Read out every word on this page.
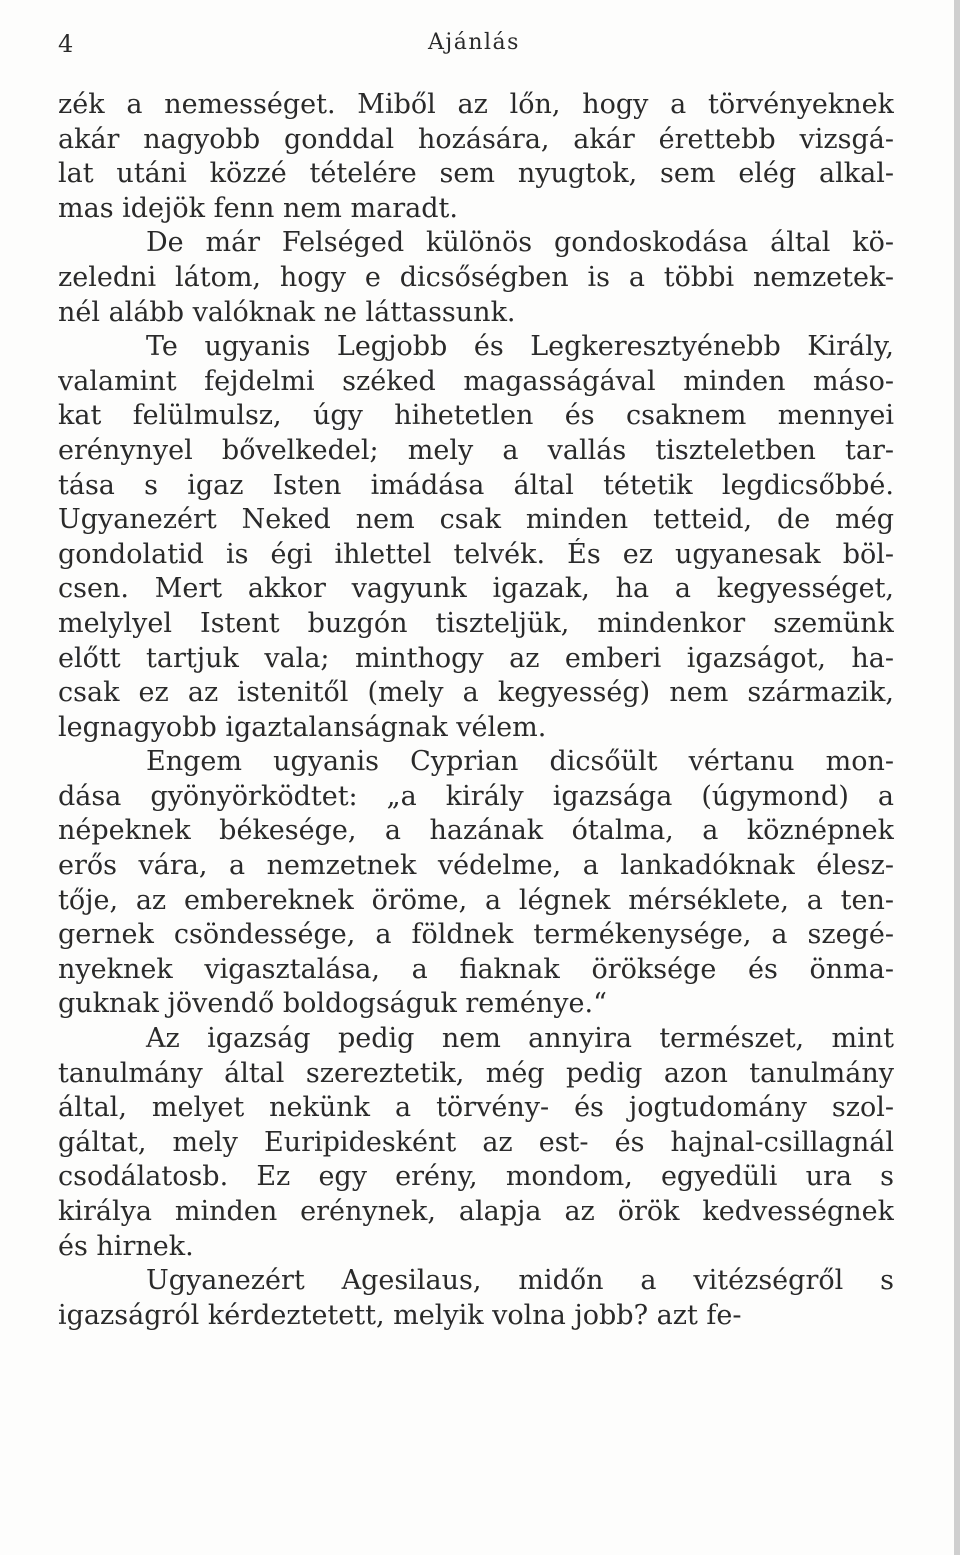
4	Ajánlás
zék a nemességet. Miből az lőn, hogy a törvényeknek
akár nagyobb gonddal hozására, akár érettebb vizsgá-
lat utáni közzé tételére sem nyugtok, sem elég alkal-
mas idejök fenn nem maradt.
De már Felséged különös gondoskodása által kö-
zeledni látom, hogy e dicsőségben is a többi nemzetek-
nél alább valóknak ne láttassunk.
Te ugyanis Legjobb és Legkeresztyénebb Király,
valamint fejdelmi széked magasságával minden máso-
kat felülmulsz, úgy hihetetlen és csaknem mennyei
erénynyel bővelkedel; mely a vallás tiszteletben tar-
tása s igaz Isten imádása által tétetik legdicsőbbé.
Ugyanezért Neked nem csak minden tetteid, de még
gondolatid is égi ihlettel telvék. És ez ugyanesak böl-
csen. Mert akkor vagyunk igazak, ha a kegyességet,
melylyel Istent buzgón tiszteljük, mindenkor szemünk
előtt tartjuk vala; minthogy az emberi igazságot, ha-
csak ez az istenitől (mely a kegyesség) nem származik,
legnagyobb igaztalanságnak vélem.
Engem ugyanis Cyprian dicsőült vértanu mon-
dása gyönyörködtet: „a király igazsága (úgymond) a
népeknek békesége, a hazának ótalma, a köznépnek
erős vára, a nemzetnek védelme, a lankadóknak élesz-
tője, az embereknek öröme, a légnek mérséklete, a ten-
gernek csöndessége, a földnek termékenysége, a szegé-
nyeknek vigasztalása, a fiaknak öröksége és önma-
guknak jövendő boldogságuk reménye.“
Az igazság pedig nem annyira természet, mint
tanulmány által szereztetik, még pedig azon tanulmány
által, melyet nekünk a törvény- és jogtudomány szol-
gáltat, mely Euripidesként az est- és hajnal-csillagnál
csodálatosb. Ez egy erény, mondom, egyedüli ura s
királya minden erénynek, alapja az örök kedvességnek
és hirnek.
Ugyanezért Agesilaus, midőn a vitézségről s
igazságról kérdeztetett, melyik volna jobb? azt fe-
